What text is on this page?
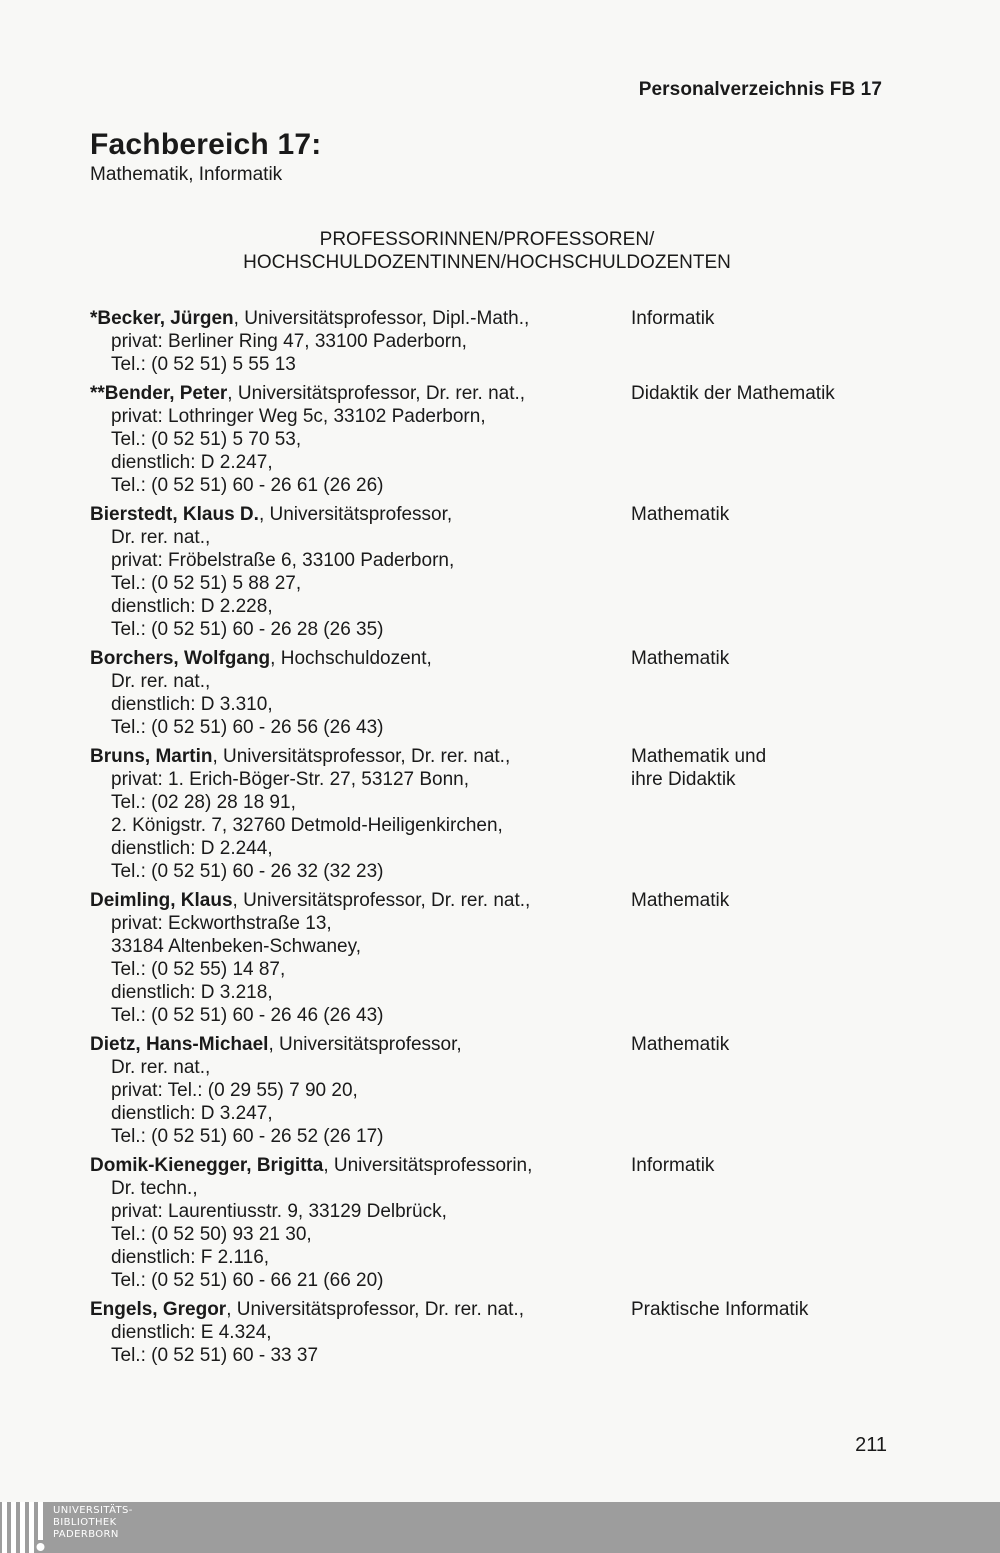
Personalverzeichnis FB 17
Fachbereich 17:
Mathematik, Informatik
PROFESSORINNEN/PROFESSOREN/
HOCHSCHULDOZENTINNEN/HOCHSCHULDOZENTEN
*Becker, Jürgen, Universitätsprofessor, Dipl.-Math.,
privat: Berliner Ring 47, 33100 Paderborn,
Tel.: (0 52 51) 5 55 13
Informatik
**Bender, Peter, Universitätsprofessor, Dr. rer. nat.,
privat: Lothringer Weg 5c, 33102 Paderborn,
Tel.: (0 52 51) 5 70 53,
dienstlich: D 2.247,
Tel.: (0 52 51) 60 - 26 61 (26 26)
Didaktik der Mathematik
Bierstedt, Klaus D., Universitätsprofessor,
Dr. rer. nat.,
privat: Fröbelstraße 6, 33100 Paderborn,
Tel.: (0 52 51) 5 88 27,
dienstlich: D 2.228,
Tel.: (0 52 51) 60 - 26 28 (26 35)
Mathematik
Borchers, Wolfgang, Hochschuldozent,
Dr. rer. nat.,
dienstlich: D 3.310,
Tel.: (0 52 51) 60 - 26 56 (26 43)
Mathematik
Bruns, Martin, Universitätsprofessor, Dr. rer. nat.,
privat: 1. Erich-Böger-Str. 27, 53127 Bonn,
Tel.: (02 28) 28 18 91,
2. Königstr. 7, 32760 Detmold-Heiligenkirchen,
dienstlich: D 2.244,
Tel.: (0 52 51) 60 - 26 32 (32 23)
Mathematik und
ihre Didaktik
Deimling, Klaus, Universitätsprofessor, Dr. rer. nat.,
privat: Eckworthstraße 13,
33184 Altenbeken-Schwaney,
Tel.: (0 52 55) 14 87,
dienstlich: D 3.218,
Tel.: (0 52 51) 60 - 26 46 (26 43)
Mathematik
Dietz, Hans-Michael, Universitätsprofessor,
Dr. rer. nat.,
privat: Tel.: (0 29 55) 7 90 20,
dienstlich: D 3.247,
Tel.: (0 52 51) 60 - 26 52 (26 17)
Mathematik
Domik-Kienegger, Brigitta, Universitätsprofessorin,
Dr. techn.,
privat: Laurentiusstr. 9, 33129 Delbrück,
Tel.: (0 52 50) 93 21 30,
dienstlich: F 2.116,
Tel.: (0 52 51) 60 - 66 21 (66 20)
Informatik
Engels, Gregor, Universitätsprofessor, Dr. rer. nat.,
dienstlich: E 4.324,
Tel.: (0 52 51) 60 - 33 37
Praktische Informatik
211
UNIVERSITÄTS-
BIBLIOTHEK
PADERBORN
